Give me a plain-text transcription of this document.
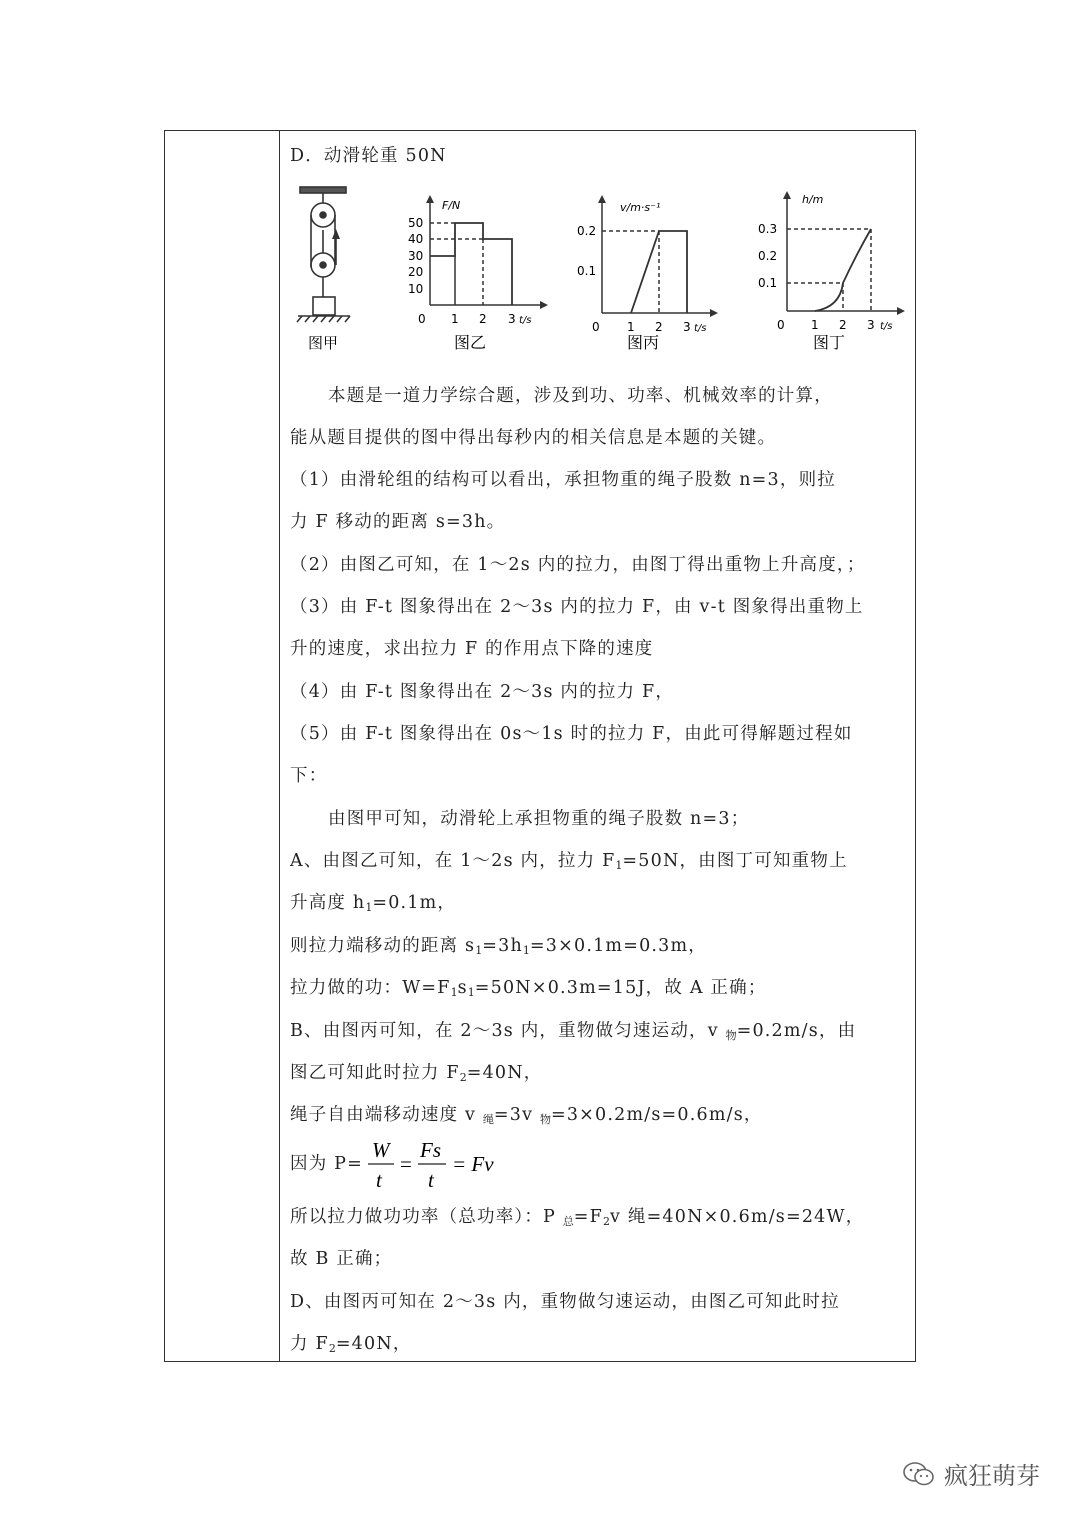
D．动滑轮重 50N
图甲
F/N
50
40
30
20
10
0 1 2 3 t/s
图乙
v/m·s⁻¹
0.2
0.1
0 1 2 3 t/s
图丙
h/m
0.3
0.2
0.1
0 1 2 3 t/s
图丁
本题是一道力学综合题，涉及到功、功率、机械效率的计算，
能从题目提供的图中得出每秒内的相关信息是本题的关键。
（1）由滑轮组的结构可以看出，承担物重的绳子股数 n=3，则拉
力 F 移动的距离 s=3h。
（2）由图乙可知，在 1～2s 内的拉力，由图丁得出重物上升高度，；
（3）由 F-t 图象得出在 2～3s 内的拉力 F，由 v-t 图象得出重物上
升的速度，求出拉力 F 的作用点下降的速度
（4）由 F-t 图象得出在 2～3s 内的拉力 F，
（5）由 F-t 图象得出在 0s～1s 时的拉力 F，由此可得解题过程如
下：
由图甲可知，动滑轮上承担物重的绳子股数 n=3；
A、由图乙可知，在 1～2s 内，拉力 $F_1=50N$，由图丁可知重物上
升高度 $h_1=0.1m$，
则拉力端移动的距离 $s_1=3h_1=3\times 0.1m=0.3m$，
拉力做的功：$W=F_1s_1=50N\times 0.3m=15J$，故 A 正确；
B、由图丙可知，在 2～3s 内，重物做匀速运动，v 物=0.2m/s，由
图乙可知此时拉力 $F_2=40N$，
绳子自由端移动速度 v 绳=3v 物=3×0.2m/s=0.6m/s，
因为 P=
W
t
=
Fs
t
= Fv
所以拉力做功功率（总功率）：P 总$=F_2v$ 绳=40N×0.6m/s=24W，
故 B 正确；
D、由图丙可知在 2～3s 内，重物做匀速运动，由图乙可知此时拉
力 $F_2=40N$，
疯狂萌芽
